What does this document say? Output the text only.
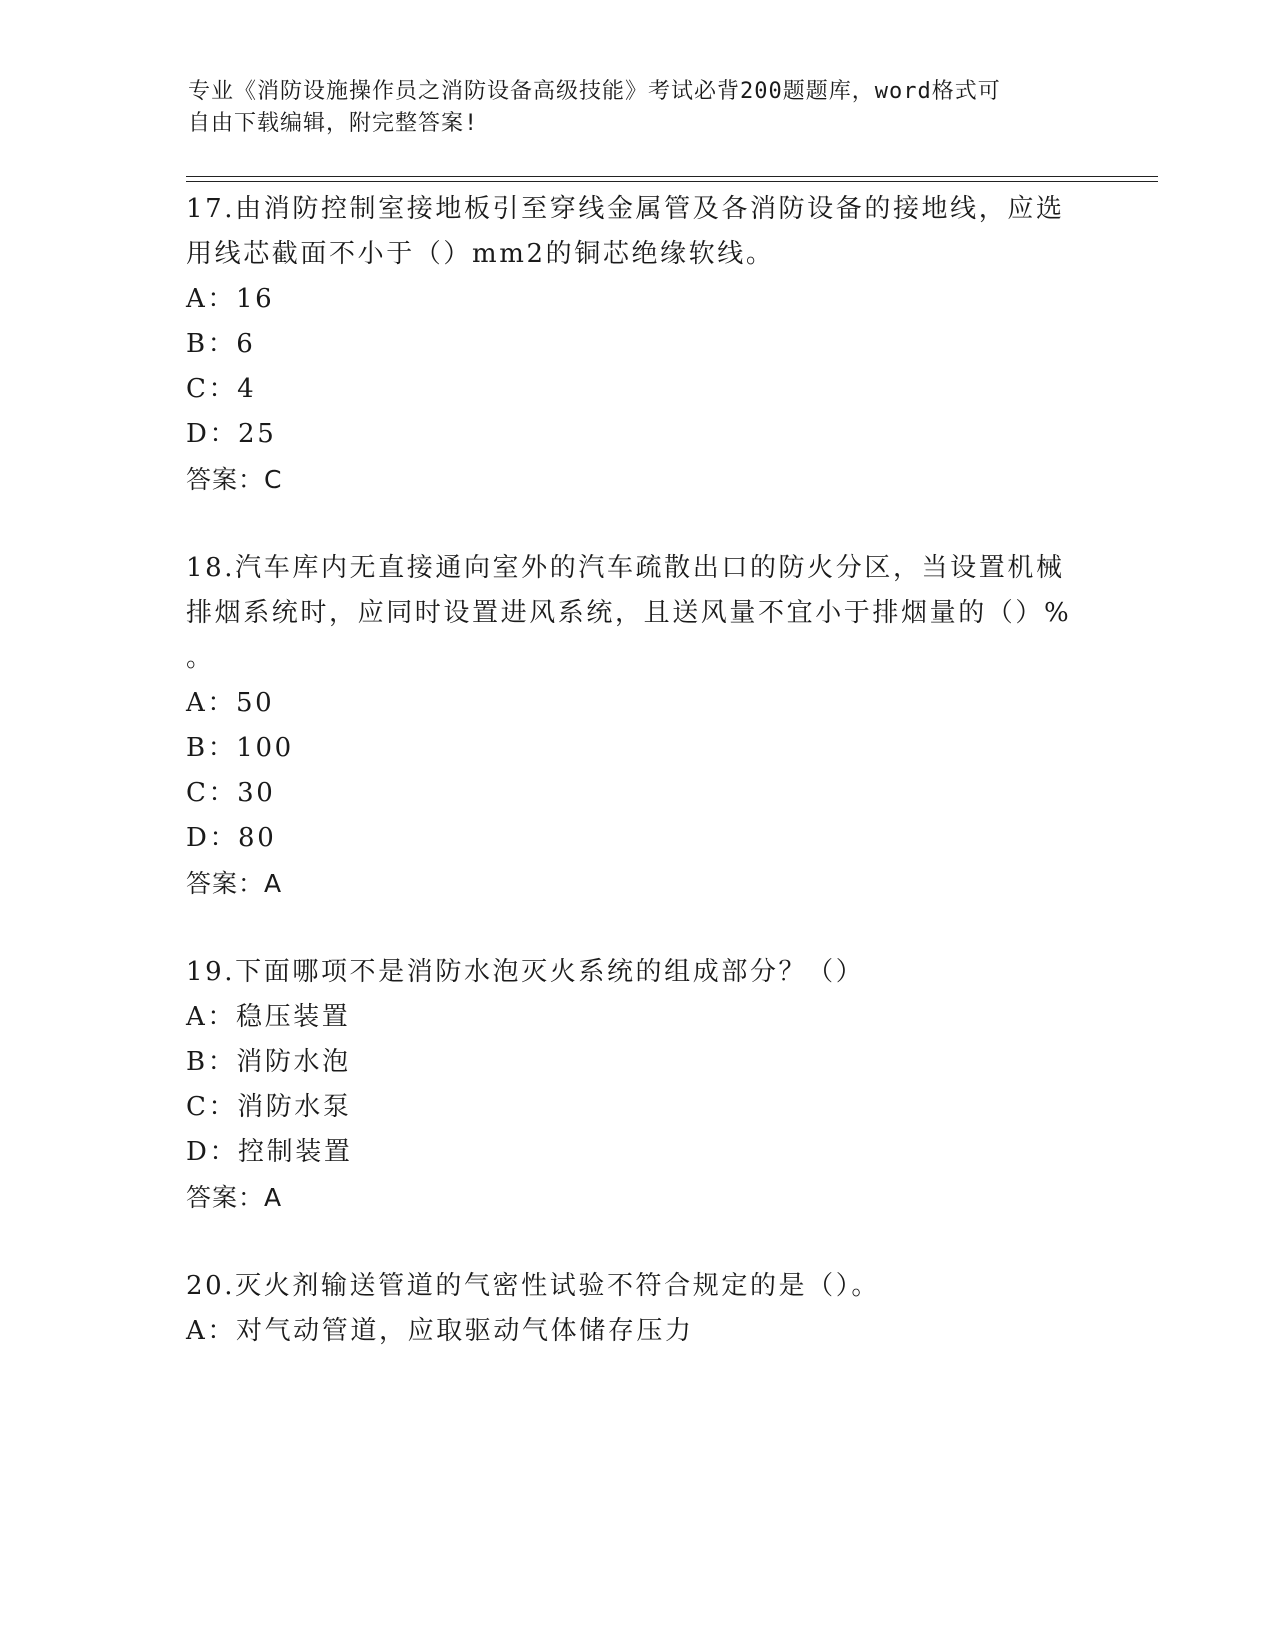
专业《消防设施操作员之消防设备高级技能》考试必背200题题库，word格式可
自由下载编辑，附完整答案!

17.由消防控制室接地板引至穿线金属管及各消防设备的接地线，应选

用线芯截面不小于（）mm2的铜芯绝缘软线。

A：16

B：6

C：4

D：25

答案：C

18.汽车库内无直接通向室外的汽车疏散出口的防火分区，当设置机械

排烟系统时，应同时设置进风系统，且送风量不宜小于排烟量的（）%

。

A：50

B：100

C：30

D：80

答案：A

19.下面哪项不是消防水泡灭火系统的组成部分？（）

A：稳压装置

B：消防水泡

C：消防水泵

D：控制装置

答案：A

20.灭火剂输送管道的气密性试验不符合规定的是（）。

A：对气动管道，应取驱动气体储存压力
